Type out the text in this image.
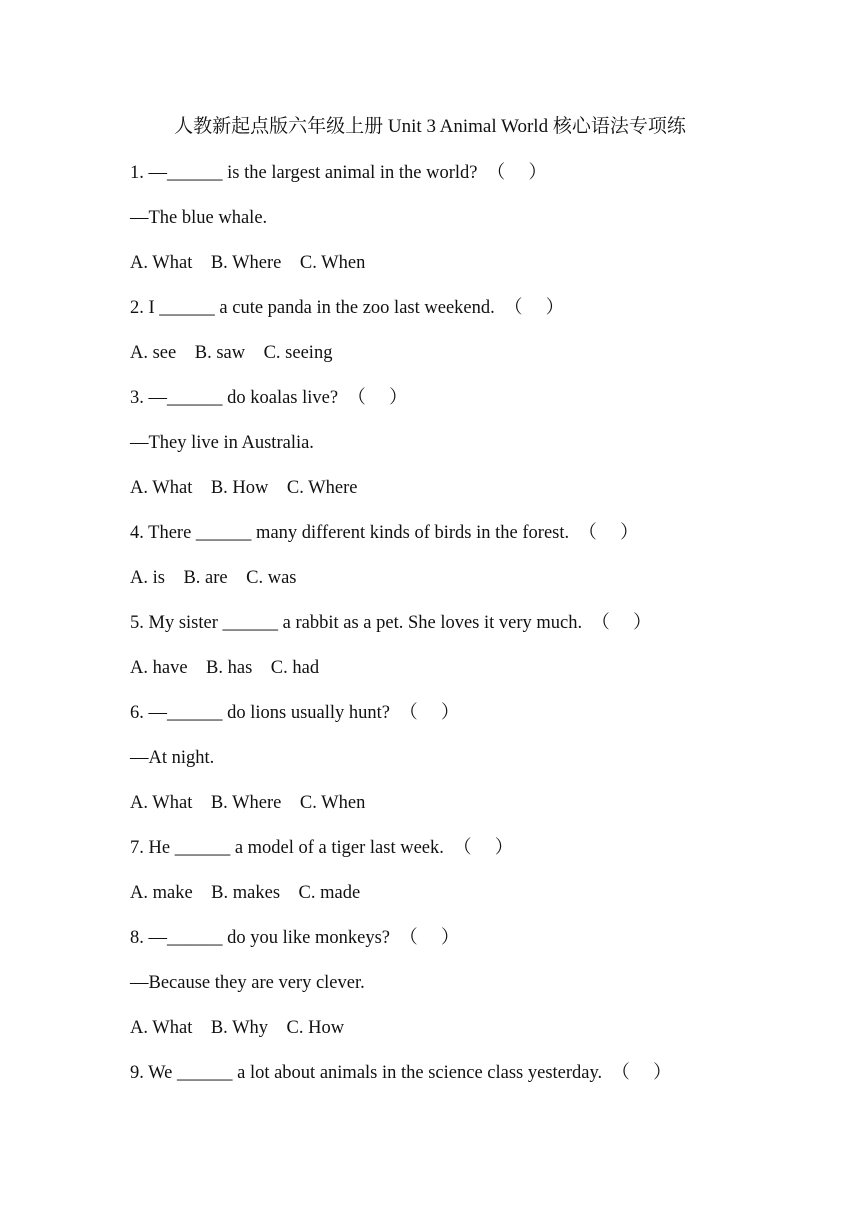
人教新起点版六年级上册 Unit 3 Animal World 核心语法专项练
1. —______ is the largest animal in the world?  （     ）
—The blue whale.
A. What    B. Where    C. When
2. I ______ a cute panda in the zoo last weekend.  （     ）
A. see    B. saw    C. seeing
3. —______ do koalas live?  （     ）
—They live in Australia.
A. What    B. How    C. Where
4. There ______ many different kinds of birds in the forest.  （     ）
A. is    B. are    C. was
5. My sister ______ a rabbit as a pet. She loves it very much.  （     ）
A. have    B. has    C. had
6. —______ do lions usually hunt?  （     ）
—At night.
A. What    B. Where    C. When
7. He ______ a model of a tiger last week.  （     ）
A. make    B. makes    C. made
8. —______ do you like monkeys?  （     ）
—Because they are very clever.
A. What    B. Why    C. How
9. We ______ a lot about animals in the science class yesterday.  （     ）
